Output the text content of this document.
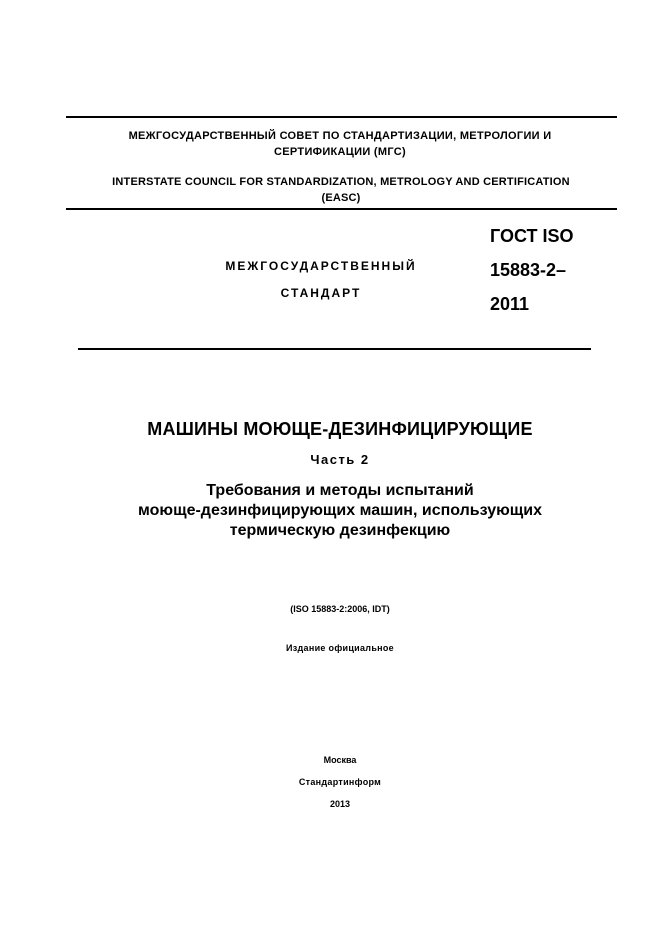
МЕЖГОСУДАРСТВЕННЫЙ СОВЕТ ПО СТАНДАРТИЗАЦИИ, МЕТРОЛОГИИ И
СЕРТИФИКАЦИИ (МГС)
INTERSTATE COUNCIL FOR STANDARDIZATION, METROLOGY AND CERTIFICATION
(EASC)
МЕЖГОСУДАРСТВЕННЫЙ
СТАНДАРТ
ГОСТ ISO
15883-2–
2011
МАШИНЫ МОЮЩЕ-ДЕЗИНФИЦИРУЮЩИЕ
Часть 2
Требования и методы испытаний
моюще-дезинфицирующих машин, использующих
термическую дезинфекцию
(ISO 15883-2:2006, IDT)
Издание официальное
Москва
Стандартинформ
2013
